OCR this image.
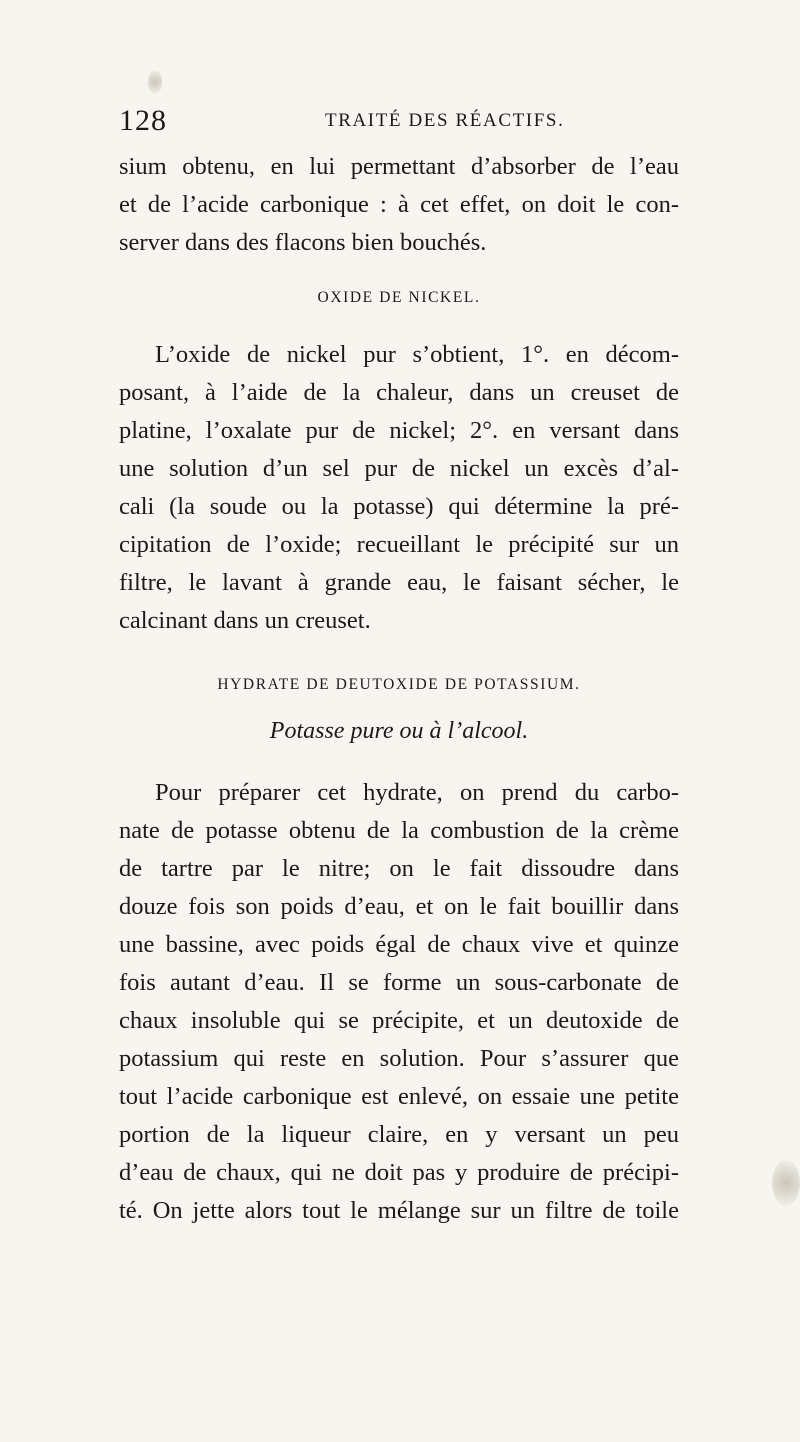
128	TRAITÉ DES RÉACTIFS.
sium obtenu, en lui permettant d’absorber de l’eau
et de l’acide carbonique : à cet effet, on doit le con-
server dans des flacons bien bouchés.
OXIDE DE NICKEL.
L’oxide de nickel pur s’obtient, 1°. en décom-
posant, à l’aide de la chaleur, dans un creuset de
platine, l’oxalate pur de nickel; 2°. en versant dans
une solution d’un sel pur de nickel un excès d’al-
cali (la soude ou la potasse) qui détermine la pré-
cipitation de l’oxide; recueillant le précipité sur un
filtre, le lavant à grande eau, le faisant sécher, le
calcinant dans un creuset.
HYDRATE DE DEUTOXIDE DE POTASSIUM.
Potasse pure ou à l’alcool.
Pour préparer cet hydrate, on prend du carbo-
nate de potasse obtenu de la combustion de la crème
de tartre par le nitre; on le fait dissoudre dans
douze fois son poids d’eau, et on le fait bouillir dans
une bassine, avec poids égal de chaux vive et quinze
fois autant d’eau. Il se forme un sous-carbonate de
chaux insoluble qui se précipite, et un deutoxide de
potassium qui reste en solution. Pour s’assurer que
tout l’acide carbonique est enlevé, on essaie une petite
portion de la liqueur claire, en y versant un peu
d’eau de chaux, qui ne doit pas y produire de précipi-
té. On jette alors tout le mélange sur un filtre de toile
